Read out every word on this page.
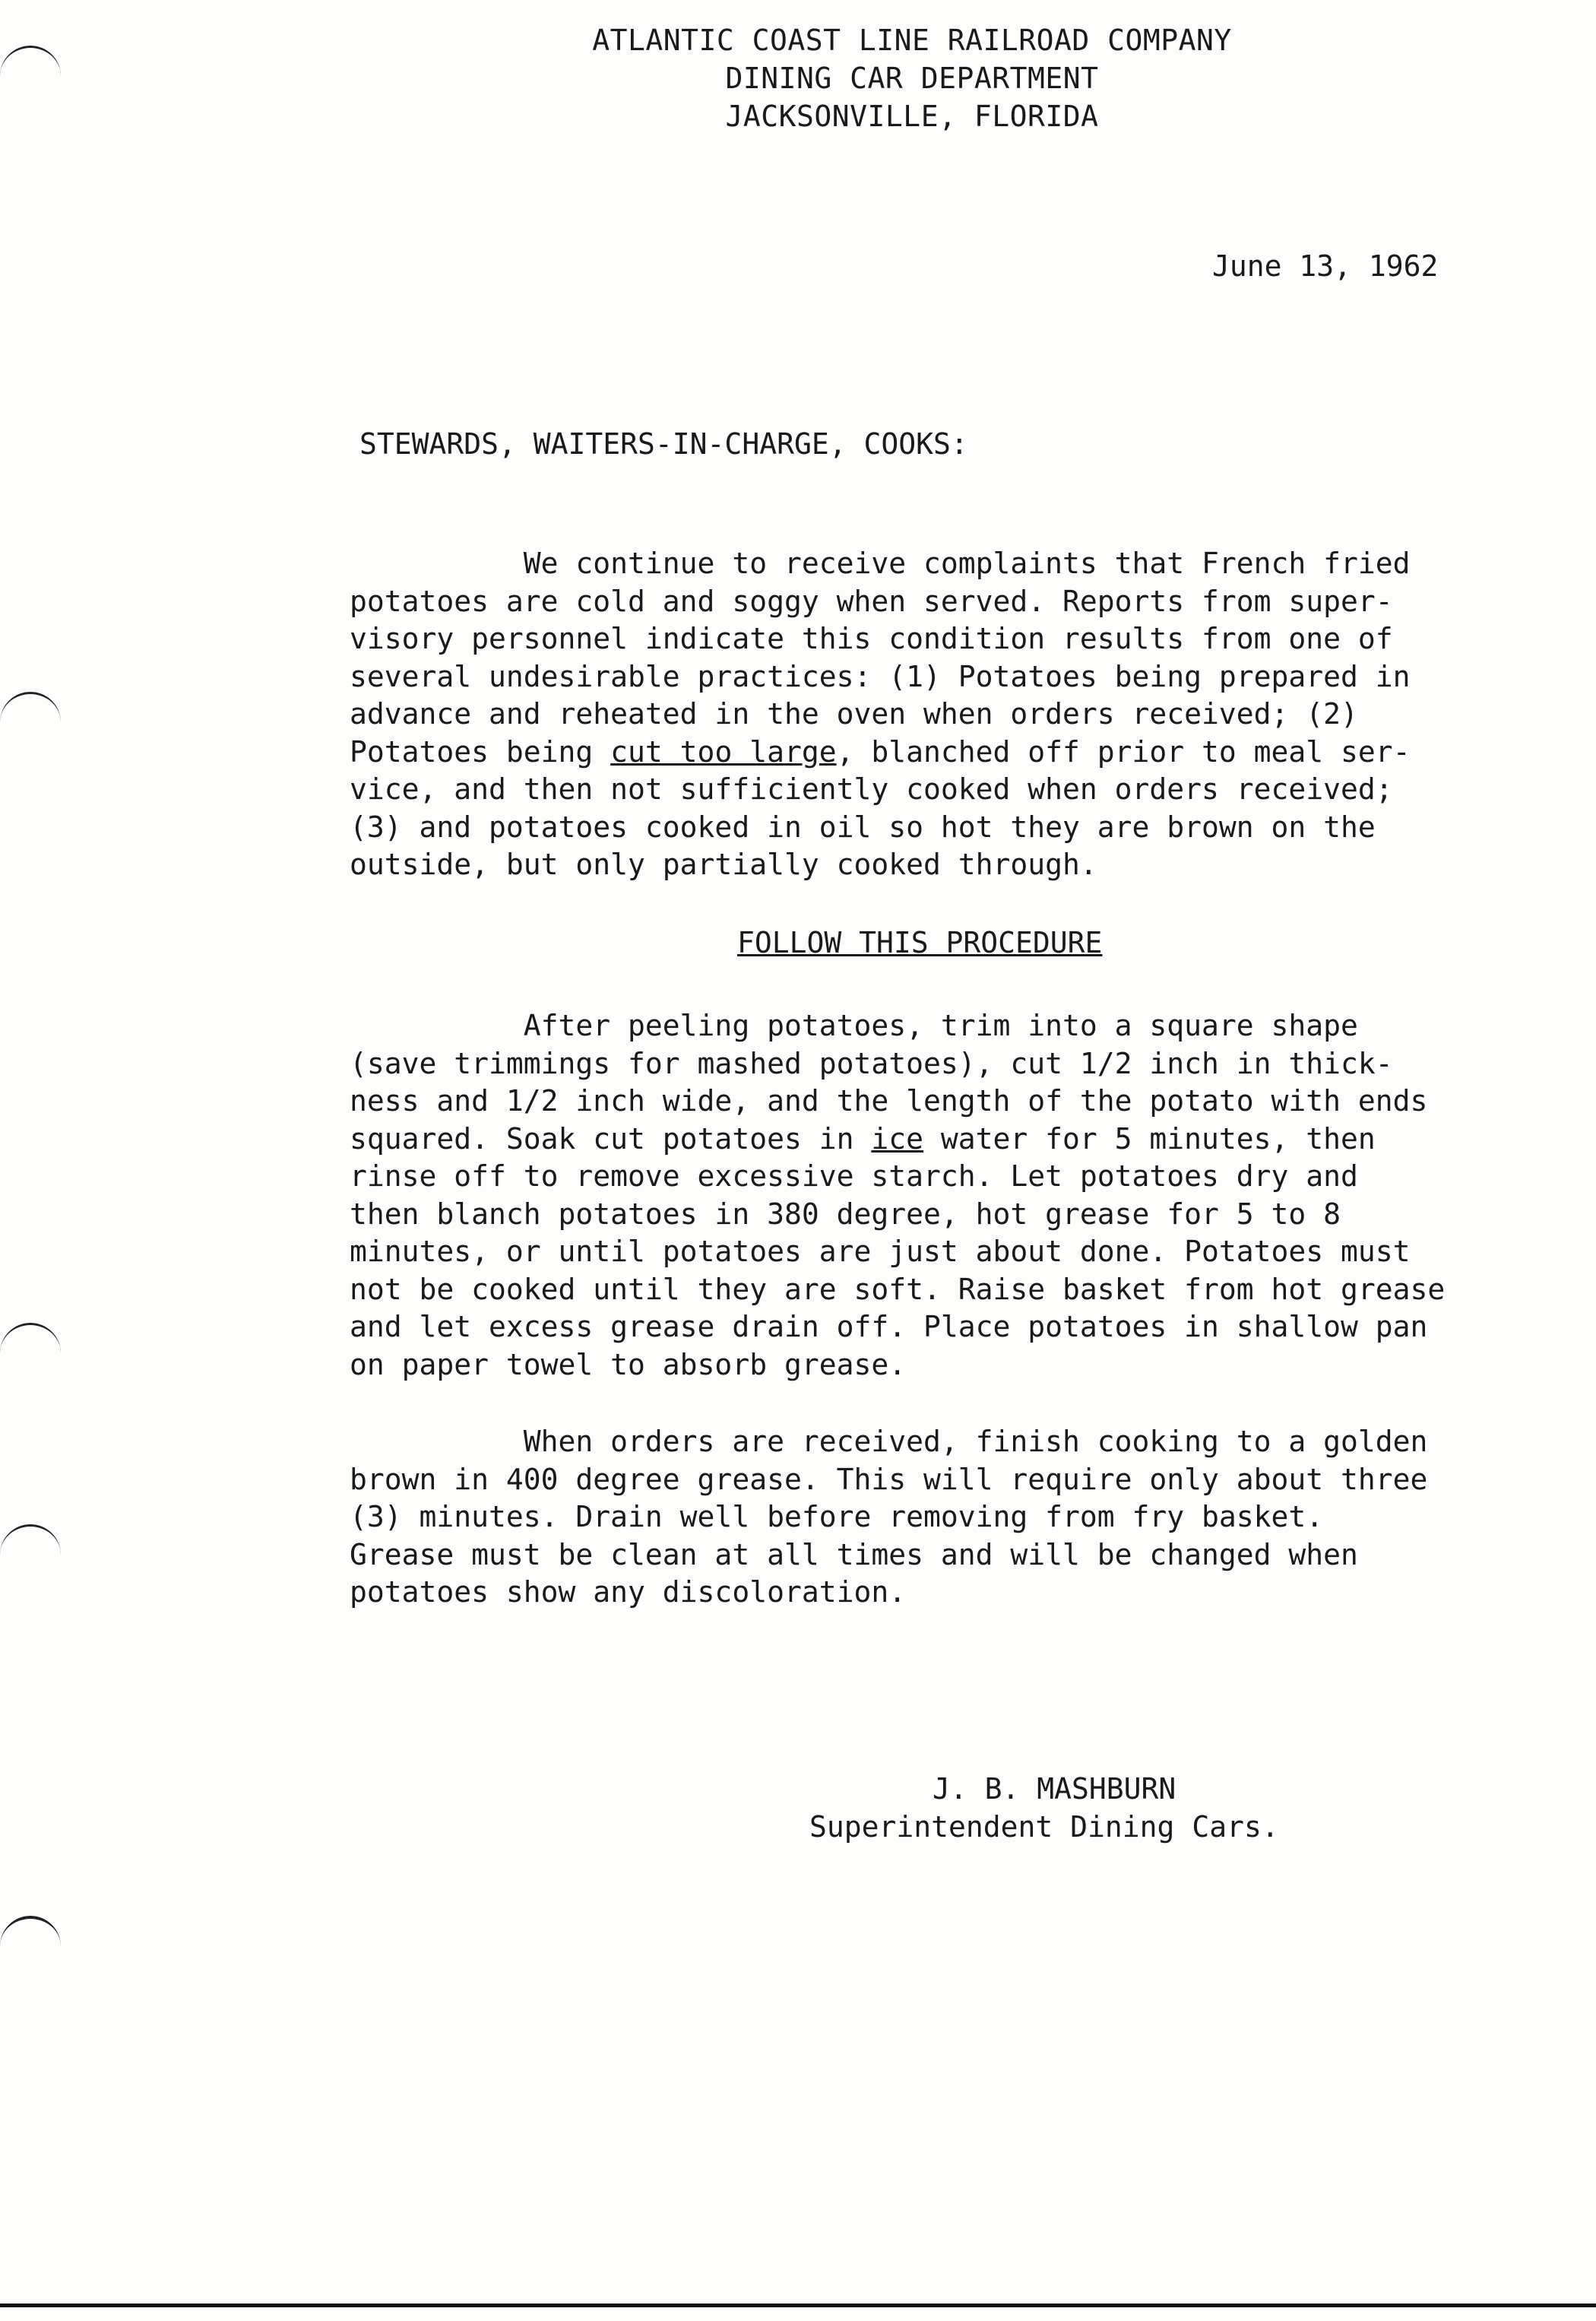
ATLANTIC COAST LINE RAILROAD COMPANY
DINING CAR DEPARTMENT
JACKSONVILLE, FLORIDA
June 13, 1962
STEWARDS, WAITERS-IN-CHARGE, COOKS:
We continue to receive complaints that French fried
potatoes are cold and soggy when served. Reports from super-
visory personnel indicate this condition results from one of
several undesirable practices: (1) Potatoes being prepared in
advance and reheated in the oven when orders received; (2)
Potatoes being cut too large, blanched off prior to meal ser-
vice, and then not sufficiently cooked when orders received;
(3) and potatoes cooked in oil so hot they are brown on the
outside, but only partially cooked through.
FOLLOW THIS PROCEDURE
After peeling potatoes, trim into a square shape
(save trimmings for mashed potatoes), cut 1/2 inch in thick-
ness and 1/2 inch wide, and the length of the potato with ends
squared. Soak cut potatoes in ice water for 5 minutes, then
rinse off to remove excessive starch. Let potatoes dry and
then blanch potatoes in 380 degree, hot grease for 5 to 8
minutes, or until potatoes are just about done. Potatoes must
not be cooked until they are soft. Raise basket from hot grease
and let excess grease drain off. Place potatoes in shallow pan
on paper towel to absorb grease.
When orders are received, finish cooking to a golden
brown in 400 degree grease. This will require only about three
(3) minutes. Drain well before removing from fry basket.
Grease must be clean at all times and will be changed when
potatoes show any discoloration.
J. B. MASHBURN
Superintendent Dining Cars.
